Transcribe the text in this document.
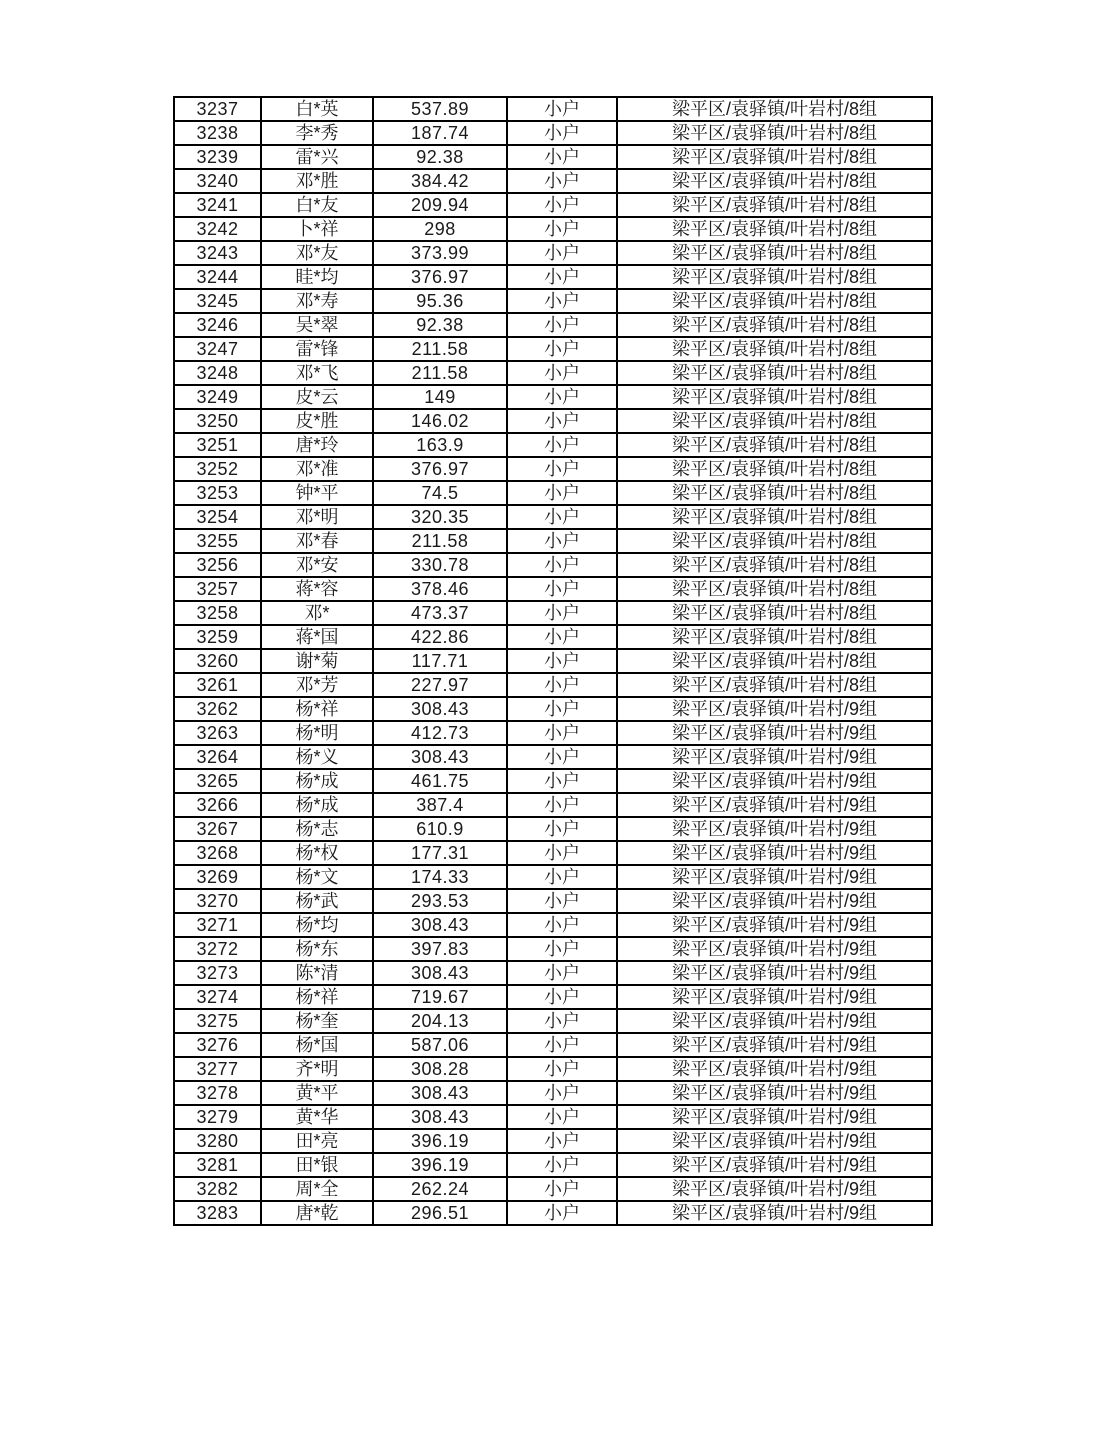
3237	白*英	537.89	小户	梁平区/袁驿镇/叶岩村/8组
3238	李*秀	187.74	小户	梁平区/袁驿镇/叶岩村/8组
3239	雷*兴	92.38	小户	梁平区/袁驿镇/叶岩村/8组
3240	邓*胜	384.42	小户	梁平区/袁驿镇/叶岩村/8组
3241	白*友	209.94	小户	梁平区/袁驿镇/叶岩村/8组
3242	卜*祥	298	小户	梁平区/袁驿镇/叶岩村/8组
3243	邓*友	373.99	小户	梁平区/袁驿镇/叶岩村/8组
3244	眭*均	376.97	小户	梁平区/袁驿镇/叶岩村/8组
3245	邓*寿	95.36	小户	梁平区/袁驿镇/叶岩村/8组
3246	吴*翠	92.38	小户	梁平区/袁驿镇/叶岩村/8组
3247	雷*锋	211.58	小户	梁平区/袁驿镇/叶岩村/8组
3248	邓*飞	211.58	小户	梁平区/袁驿镇/叶岩村/8组
3249	皮*云	149	小户	梁平区/袁驿镇/叶岩村/8组
3250	皮*胜	146.02	小户	梁平区/袁驿镇/叶岩村/8组
3251	唐*玲	163.9	小户	梁平区/袁驿镇/叶岩村/8组
3252	邓*准	376.97	小户	梁平区/袁驿镇/叶岩村/8组
3253	钟*平	74.5	小户	梁平区/袁驿镇/叶岩村/8组
3254	邓*明	320.35	小户	梁平区/袁驿镇/叶岩村/8组
3255	邓*春	211.58	小户	梁平区/袁驿镇/叶岩村/8组
3256	邓*安	330.78	小户	梁平区/袁驿镇/叶岩村/8组
3257	蒋*容	378.46	小户	梁平区/袁驿镇/叶岩村/8组
3258	邓*	473.37	小户	梁平区/袁驿镇/叶岩村/8组
3259	蒋*国	422.86	小户	梁平区/袁驿镇/叶岩村/8组
3260	谢*菊	117.71	小户	梁平区/袁驿镇/叶岩村/8组
3261	邓*芳	227.97	小户	梁平区/袁驿镇/叶岩村/8组
3262	杨*祥	308.43	小户	梁平区/袁驿镇/叶岩村/9组
3263	杨*明	412.73	小户	梁平区/袁驿镇/叶岩村/9组
3264	杨*义	308.43	小户	梁平区/袁驿镇/叶岩村/9组
3265	杨*成	461.75	小户	梁平区/袁驿镇/叶岩村/9组
3266	杨*成	387.4	小户	梁平区/袁驿镇/叶岩村/9组
3267	杨*志	610.9	小户	梁平区/袁驿镇/叶岩村/9组
3268	杨*权	177.31	小户	梁平区/袁驿镇/叶岩村/9组
3269	杨*文	174.33	小户	梁平区/袁驿镇/叶岩村/9组
3270	杨*武	293.53	小户	梁平区/袁驿镇/叶岩村/9组
3271	杨*均	308.43	小户	梁平区/袁驿镇/叶岩村/9组
3272	杨*东	397.83	小户	梁平区/袁驿镇/叶岩村/9组
3273	陈*清	308.43	小户	梁平区/袁驿镇/叶岩村/9组
3274	杨*祥	719.67	小户	梁平区/袁驿镇/叶岩村/9组
3275	杨*奎	204.13	小户	梁平区/袁驿镇/叶岩村/9组
3276	杨*国	587.06	小户	梁平区/袁驿镇/叶岩村/9组
3277	齐*明	308.28	小户	梁平区/袁驿镇/叶岩村/9组
3278	黄*平	308.43	小户	梁平区/袁驿镇/叶岩村/9组
3279	黄*华	308.43	小户	梁平区/袁驿镇/叶岩村/9组
3280	田*亮	396.19	小户	梁平区/袁驿镇/叶岩村/9组
3281	田*银	396.19	小户	梁平区/袁驿镇/叶岩村/9组
3282	周*全	262.24	小户	梁平区/袁驿镇/叶岩村/9组
3283	唐*乾	296.51	小户	梁平区/袁驿镇/叶岩村/9组
